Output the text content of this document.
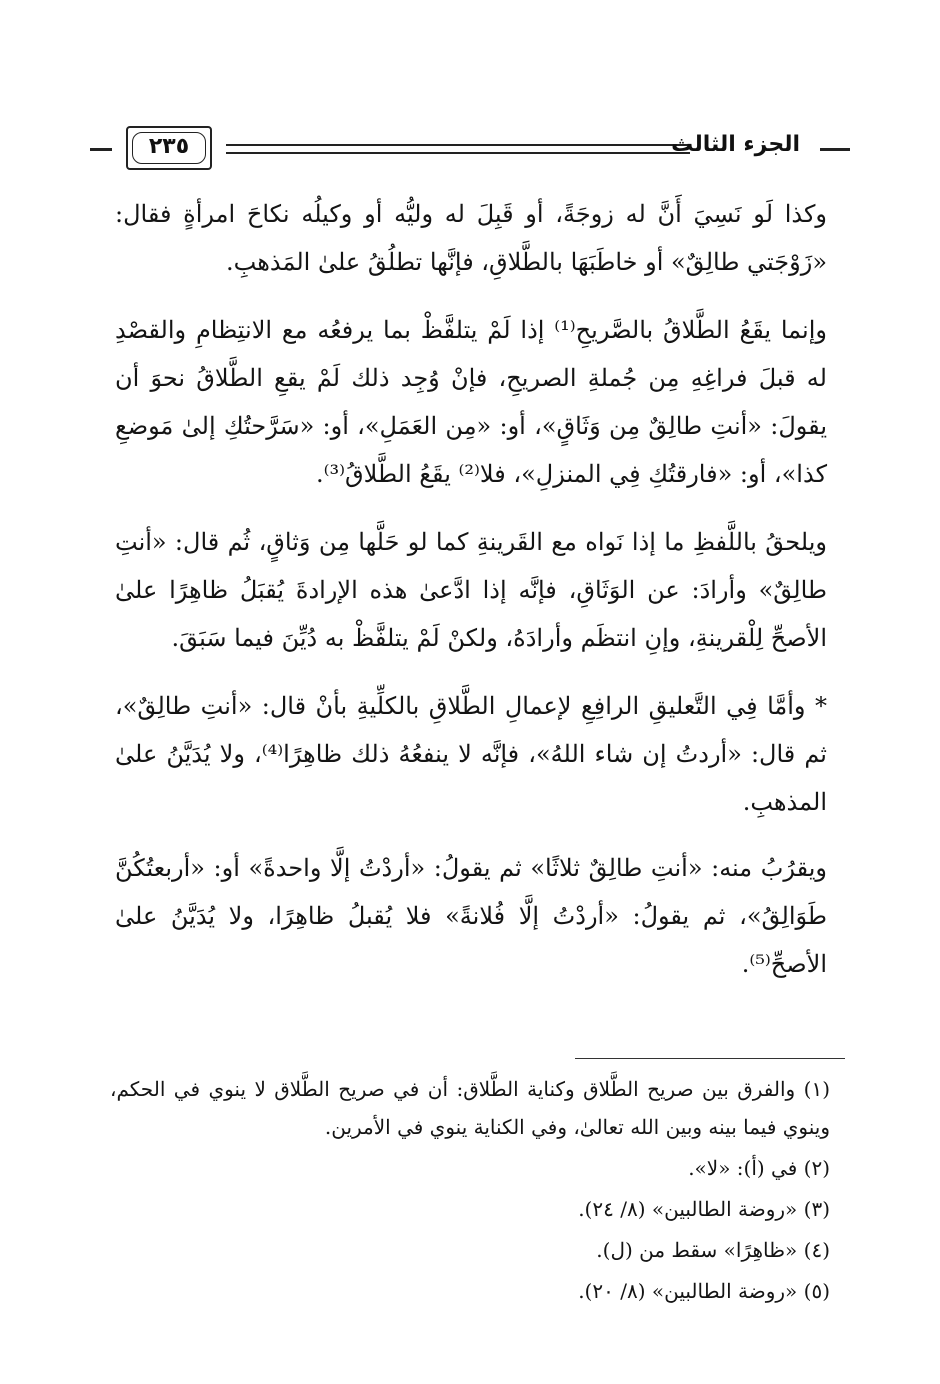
٢٣٥	الجزء الثالث

وكذا لَو نَسِيَ أَنَّ له زوجَةً، أو قَبِلَ له وليُّه أو وكيلُه نكاحَ امرأةٍ فقال: «زَوْجَتي طالِقٌ» أو خاطَبَهَا بالطَّلاقِ، فإنَّها تطلُقُ علىٰ المَذهبِ.

وإنما يقَعُ الطَّلاقُ بالصَّريحِ⁽¹⁾ إذا لَمْ يتلفَّظْ بما يرفعُه مع الانتِظامِ والقصْدِ له قبلَ فراغِهِ مِن جُملةِ الصريحِ، فإنْ وُجِد ذلك لَمْ يقعِ الطَّلاقُ نحوَ أن يقولَ: «أنتِ طالِقٌ مِن وَثَاقٍ»، أو: «مِن العَمَلِ»، أو: «سَرَّحتُكِ إلىٰ مَوضعِ كذا»، أو: «فارقتُكِ فِي المنزلِ»، فلا⁽²⁾ يقَعُ الطَّلاقُ⁽³⁾.

ويلحقُ باللَّفظِ ما إذا نَواه مع القَرينةِ كما لو حَلَّها مِن وَثاقٍ، ثُم قال: «أنتِ طالِقٌ» وأرادَ: عن الوَثَاقِ، فإنَّه إذا ادَّعىٰ هذه الإرادةَ يُقبَلُ ظاهِرًا علىٰ الأصحِّ لِلْقرينةِ، وإنِ انتظَم وأرادَهُ، ولكنْ لَمْ يتلفَّظْ به دُيِّنَ فيما سَبَقَ.

* وأمَّا فِي التَّعليقِ الرافِعِ لإعمالِ الطَّلاقِ بالكلِّيةِ بأنْ قال: «أنتِ طالِقٌ»، ثم قال: «أردتُ إن شاء اللهُ»، فإنَّه لا ينفعُهُ ذلك ظاهِرًا⁽⁴⁾، ولا يُدَيَّنُ علىٰ المذهبِ.

ويقرُبُ منه: «أنتِ طالِقٌ ثلاثًا» ثم يقولُ: «أردْتُ إلَّا واحدةً» أو: «أربعتُكُنَّ طَوَالِقُ»، ثم يقولُ: «أردْتُ إلَّا فُلانةً» فلا يُقبلُ ظاهِرًا، ولا يُدَيَّنُ علىٰ الأصحِّ⁽⁵⁾.

(١) والفرق بين صريح الطَّلاق وكناية الطَّلاق: أن في صريح الطَّلاق لا ينوي في الحكم، وينوي فيما بينه وبين الله تعالىٰ، وفي الكناية ينوي في الأمرين.

(٢) في (أ): «لا».

(٣) «روضة الطالبين» (٨/ ٢٤).

(٤) «ظاهِرًا» سقط من (ل).

(٥) «روضة الطالبين» (٨/ ٢٠).
